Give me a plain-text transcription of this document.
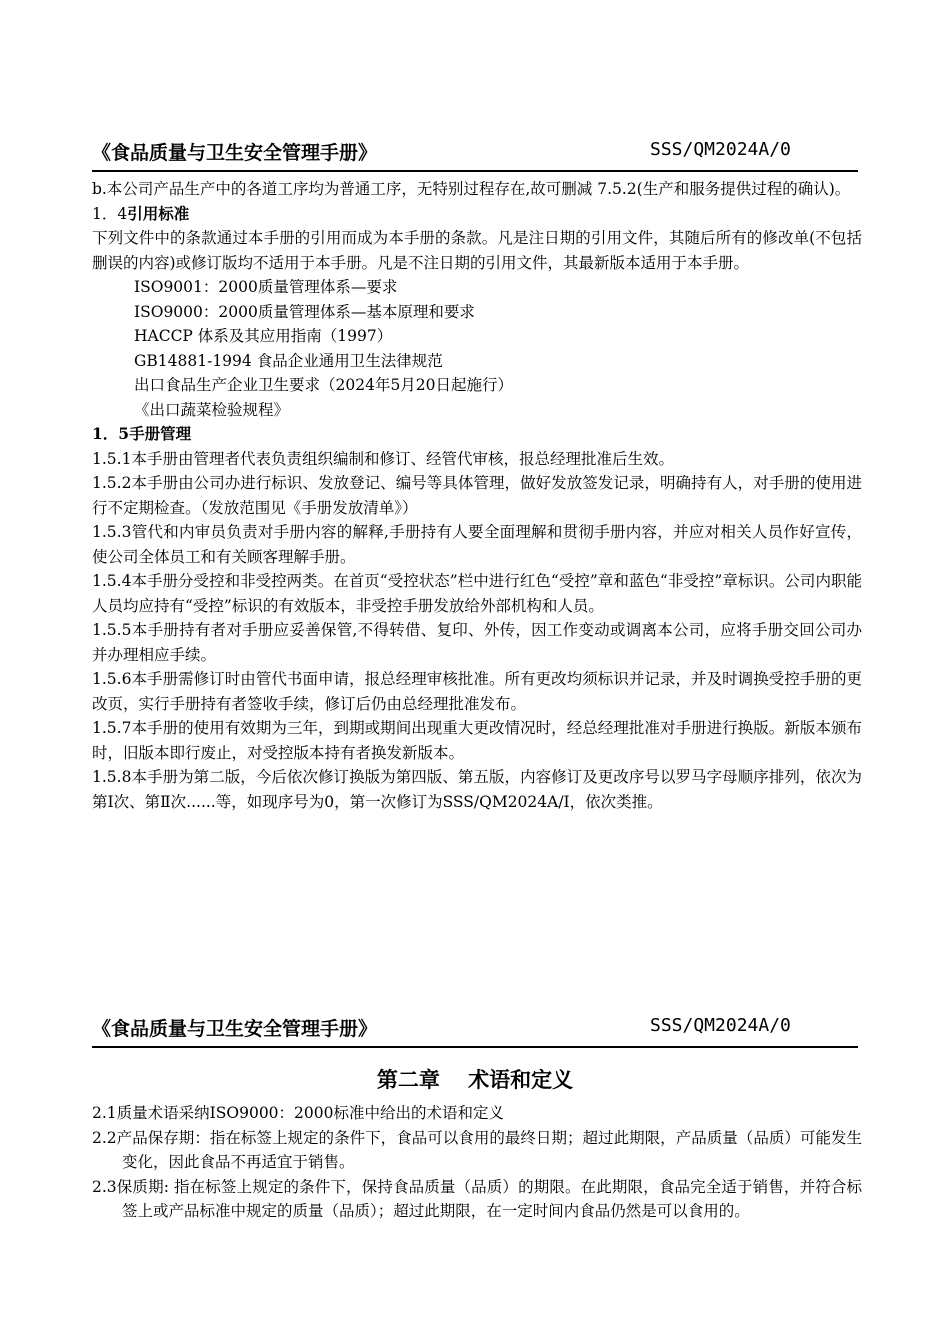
《食品质量与卫生安全管理手册》	SSS/QM2024A/0

b.本公司产品生产中的各道工序均为普通工序，无特别过程存在,故可删减 7.5.2(生产和服务提供过程的确认)。

1．4引用标准

下列文件中的条款通过本手册的引用而成为本手册的条款。凡是注日期的引用文件，其随后所有的修改单(不包括删误的内容)或修订版均不适用于本手册。凡是不注日期的引用文件，其最新版本适用于本手册。

ISO9001：2000质量管理体系—要求

ISO9000：2000质量管理体系—基本原理和要求

HACCP 体系及其应用指南（1997）

GB14881-1994 食品企业通用卫生法律规范

出口食品生产企业卫生要求（2024年5月20日起施行）

《出口蔬菜检验规程》

1．5手册管理

1.5.1本手册由管理者代表负责组织编制和修订、经管代审核，报总经理批准后生效。

1.5.2本手册由公司办进行标识、发放登记、编号等具体管理，做好发放签发记录，明确持有人，对手册的使用进行不定期检查。（发放范围见《手册发放清单》）

1.5.3管代和内审员负责对手册内容的解释,手册持有人要全面理解和贯彻手册内容，并应对相关人员作好宣传，使公司全体员工和有关顾客理解手册。

1.5.4本手册分受控和非受控两类。在首页“受控状态”栏中进行红色“受控”章和蓝色“非受控”章标识。公司内职能人员均应持有“受控”标识的有效版本，非受控手册发放给外部机构和人员。

1.5.5本手册持有者对手册应妥善保管,不得转借、复印、外传，因工作变动或调离本公司，应将手册交回公司办并办理相应手续。

1.5.6本手册需修订时由管代书面申请，报总经理审核批准。所有更改均须标识并记录，并及时调换受控手册的更改页，实行手册持有者签收手续，修订后仍由总经理批准发布。

1.5.7本手册的使用有效期为三年，到期或期间出现重大更改情况时，经总经理批准对手册进行换版。新版本颁布时，旧版本即行废止，对受控版本持有者换发新版本。

1.5.8本手册为第二版，今后依次修订换版为第四版、第五版，内容修订及更改序号以罗马字母顺序排列，依次为第Ⅰ次、第Ⅱ次......等，如现序号为0，第一次修订为SSS/QM2024A/I，依次类推。

《食品质量与卫生安全管理手册》	SSS/QM2024A/0
第二章　 术语和定义

2.1质量术语采纳ISO9000：2000标准中给出的术语和定义

2.2产品保存期：指在标签上规定的条件下，食品可以食用的最终日期；超过此期限，产品质量（品质）可能发生变化，因此食品不再适宜于销售。

2.3保质期: 指在标签上规定的条件下，保持食品质量（品质）的期限。在此期限，食品完全适于销售，并符合标签上或产品标准中规定的质量（品质）；超过此期限，在一定时间内食品仍然是可以食用的。
